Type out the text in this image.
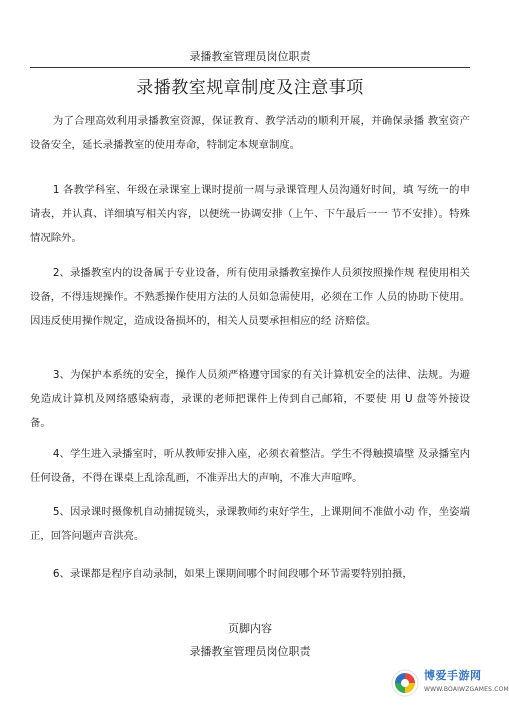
录播教室管理员岗位职责
录播教室规章制度及注意事项

为了合理高效利用录播教室资源，保证教育、教学活动的顺利开展，并确保录播 教室资产设备安全，延长录播教室的使用寿命，特制定本规章制度。

1 各教学科室、年级在录课室上课时提前一周与录课管理人员沟通好时间，填 写统一的申请表，并认真、详细填写相关内容，以便统一协调安排（上午、下午最后一一 节不安排）。特殊情况除外。

2、录播教室内的设备属于专业设备，所有使用录播教室操作人员须按照操作规 程使用相关设备，不得违规操作。不熟悉操作使用方法的人员如急需使用，必须在工作 人员的协助下使用。因违反使用操作规定，造成设备损坏的，相关人员要承担相应的经 济赔偿。

3、为保护本系统的安全，操作人员须严格遵守国家的有关计算机安全的法律、法规。为避免造成计算机及网络感染病毒，录课的老师把课件上传到自己邮箱，不要使 用 U 盘等外接设备。

4、学生进入录播室时，听从教师安排入座，必须衣着整洁。学生不得触摸墙壁 及录播室内任何设备，不得在课桌上乱涂乱画，不准弄出大的声响，不准大声喧哗。

5、因录课时摄像机自动捕捉镜头，录课教师约束好学生，上课期间不准做小动 作，坐姿端正，回答问题声音洪亮。

6、录课都是程序自动录制，如果上课期间哪个时间段哪个环节需要特别拍摄，

页脚内容
录播教室管理员岗位职责
博爱手游网
WWW.BOAIWZGAMES.COM
